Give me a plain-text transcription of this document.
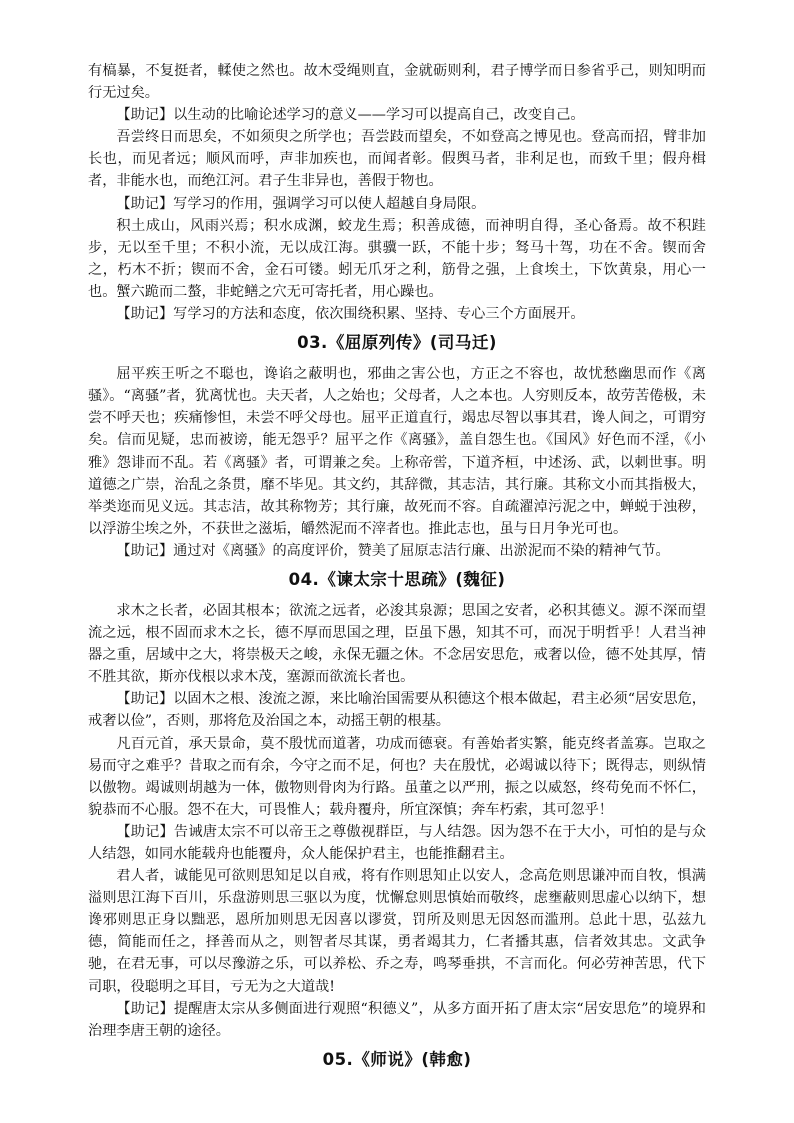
有槁暴，不复挺者，輮使之然也。故木受绳则直，金就砺则利，君子博学而日参省乎己，则知明而行无过矣。

【助记】以生动的比喻论述学习的意义——学习可以提高自己，改变自己。

吾尝终日而思矣，不如须臾之所学也；吾尝跂而望矣，不如登高之博见也。登高而招，臂非加长也，而见者远；顺风而呼，声非加疾也，而闻者彰。假舆马者，非利足也，而致千里；假舟楫者，非能水也，而绝江河。君子生非异也，善假于物也。

【助记】写学习的作用，强调学习可以使人超越自身局限。

积土成山，风雨兴焉；积水成渊，蛟龙生焉；积善成德，而神明自得，圣心备焉。故不积跬步，无以至千里；不积小流，无以成江海。骐骥一跃，不能十步；驽马十驾，功在不舍。锲而舍之，朽木不折；锲而不舍，金石可镂。蚓无爪牙之利，筋骨之强，上食埃土，下饮黄泉，用心一也。蟹六跪而二螯，非蛇鳝之穴无可寄托者，用心躁也。

【助记】写学习的方法和态度，依次围绕积累、坚持、专心三个方面展开。

03.《屈原列传》(司马迁)

屈平疾王听之不聪也，谗谄之蔽明也，邪曲之害公也，方正之不容也，故忧愁幽思而作《离骚》。“离骚”者，犹离忧也。夫天者，人之始也；父母者，人之本也。人穷则反本，故劳苦倦极，未尝不呼天也；疾痛惨怛，未尝不呼父母也。屈平正道直行，竭忠尽智以事其君，谗人间之，可谓穷矣。信而见疑，忠而被谤，能无怨乎？屈平之作《离骚》，盖自怨生也。《国风》好色而不淫，《小雅》怨诽而不乱。若《离骚》者，可谓兼之矣。上称帝喾，下道齐桓，中述汤、武，以刺世事。明道德之广崇，治乱之条贯，靡不毕见。其文约，其辞微，其志洁，其行廉。其称文小而其指极大，举类迩而见义远。其志洁，故其称物芳；其行廉，故死而不容。自疏濯淖污泥之中，蝉蜕于浊秽，以浮游尘埃之外，不获世之滋垢，皭然泥而不滓者也。推此志也，虽与日月争光可也。

【助记】通过对《离骚》的高度评价，赞美了屈原志洁行廉、出淤泥而不染的精神气节。

04.《谏太宗十思疏》(魏征)

求木之长者，必固其根本；欲流之远者，必浚其泉源；思国之安者，必积其德义。源不深而望流之远，根不固而求木之长，德不厚而思国之理，臣虽下愚，知其不可，而况于明哲乎！人君当神器之重，居域中之大，将崇极天之峻，永保无疆之休。不念居安思危，戒奢以俭，德不处其厚，情不胜其欲，斯亦伐根以求木茂，塞源而欲流长者也。

【助记】以固木之根、浚流之源，来比喻治国需要从积德这个根本做起，君主必须“居安思危，戒奢以俭”，否则，那将危及治国之本，动摇王朝的根基。

凡百元首，承天景命，莫不殷忧而道著，功成而德衰。有善始者实繁，能克终者盖寡。岂取之易而守之难乎？昔取之而有余，今守之而不足，何也？夫在殷忧，必竭诚以待下；既得志，则纵情以傲物。竭诚则胡越为一体，傲物则骨肉为行路。虽董之以严刑，振之以威怒，终苟免而不怀仁，貌恭而不心服。怨不在大，可畏惟人；载舟覆舟，所宜深慎；奔车朽索，其可忽乎！

【助记】告诫唐太宗不可以帝王之尊傲视群臣，与人结怨。因为怨不在于大小，可怕的是与众人结怨，如同水能载舟也能覆舟，众人能保护君主，也能推翻君主。

君人者，诚能见可欲则思知足以自戒，将有作则思知止以安人，念高危则思谦冲而自牧，惧满溢则思江海下百川，乐盘游则思三驱以为度，忧懈怠则思慎始而敬终，虑壅蔽则思虚心以纳下，想谗邪则思正身以黜恶，恩所加则思无因喜以谬赏，罚所及则思无因怒而滥刑。总此十思，弘兹九德，简能而任之，择善而从之，则智者尽其谋，勇者竭其力，仁者播其惠，信者效其忠。文武争驰，在君无事，可以尽豫游之乐，可以养松、乔之寿，鸣琴垂拱，不言而化。何必劳神苦思，代下司职，役聪明之耳目，亏无为之大道哉!

【助记】提醒唐太宗从多侧面进行观照“积德义”，从多方面开拓了唐太宗“居安思危”的境界和治理李唐王朝的途径。

05.《师说》(韩愈)
